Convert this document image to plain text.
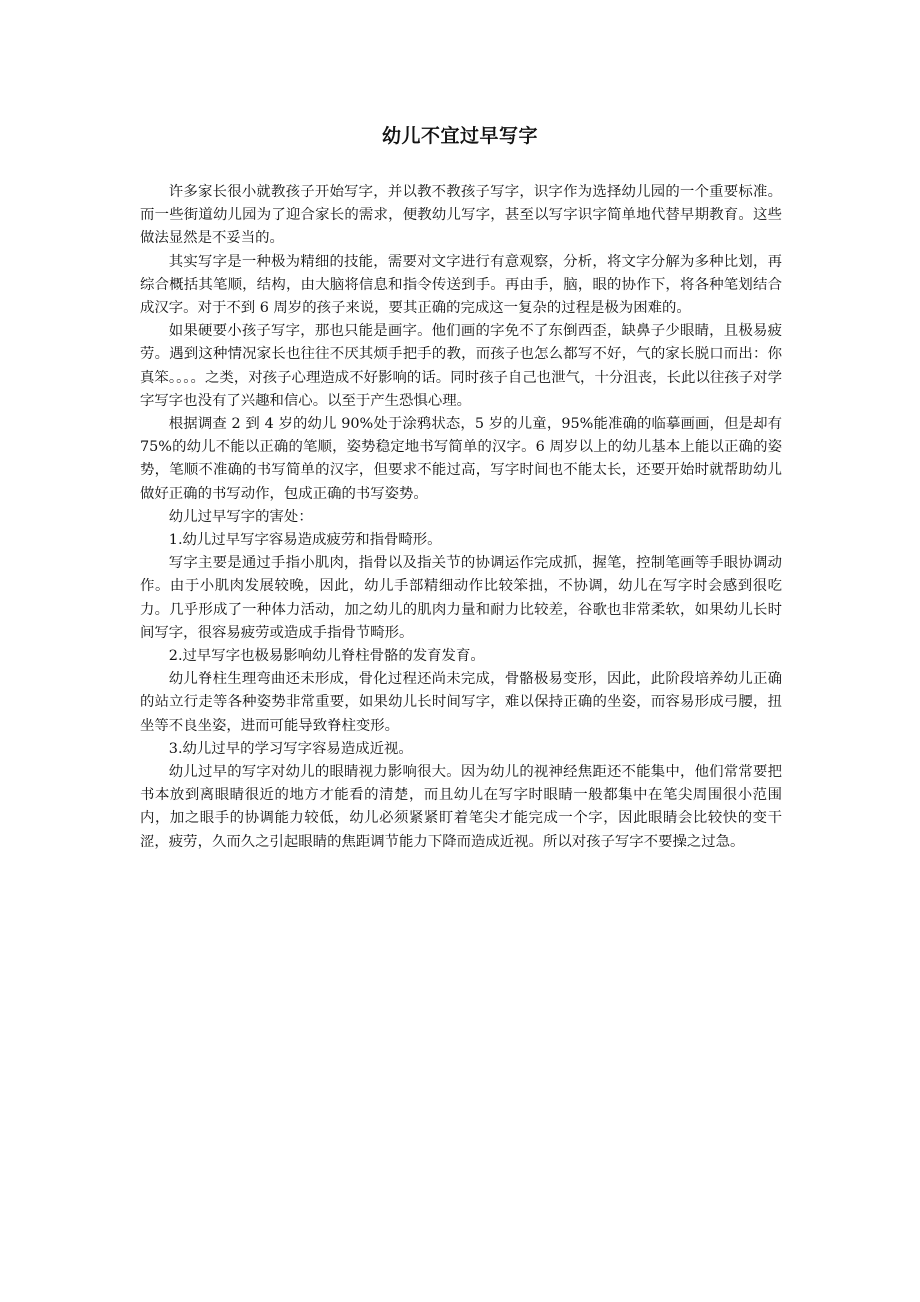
幼儿不宜过早写字

许多家长很小就教孩子开始写字，并以教不教孩子写字，识字作为选择幼儿园的一个重要标准。而一些街道幼儿园为了迎合家长的需求，便教幼儿写字，甚至以写字识字简单地代替早期教育。这些做法显然是不妥当的。

其实写字是一种极为精细的技能，需要对文字进行有意观察，分析，将文字分解为多种比划，再综合概括其笔顺，结构，由大脑将信息和指令传送到手。再由手，脑，眼的协作下，将各种笔划结合成汉字。对于不到 6 周岁的孩子来说，要其正确的完成这一复杂的过程是极为困难的。

如果硬要小孩子写字，那也只能是画字。他们画的字免不了东倒西歪，缺鼻子少眼睛，且极易疲劳。遇到这种情况家长也往往不厌其烦手把手的教，而孩子也怎么都写不好，气的家长脱口而出：你真笨。。。。之类，对孩子心理造成不好影响的话。同时孩子自己也泄气，十分沮丧，长此以往孩子对学字写字也没有了兴趣和信心。以至于产生恐惧心理。

根据调查 2 到 4 岁的幼儿 90%处于涂鸦状态，5 岁的儿童，95%能准确的临摹画画，但是却有 75%的幼儿不能以正确的笔顺，姿势稳定地书写简单的汉字。6 周岁以上的幼儿基本上能以正确的姿势，笔顺不准确的书写简单的汉字，但要求不能过高，写字时间也不能太长，还要开始时就帮助幼儿做好正确的书写动作，包成正确的书写姿势。

幼儿过早写字的害处：

1.幼儿过早写字容易造成疲劳和指骨畸形。

写字主要是通过手指小肌肉，指骨以及指关节的协调运作完成抓，握笔，控制笔画等手眼协调动作。由于小肌肉发展较晚，因此，幼儿手部精细动作比较笨拙，不协调，幼儿在写字时会感到很吃力。几乎形成了一种体力活动，加之幼儿的肌肉力量和耐力比较差，谷歌也非常柔软，如果幼儿长时间写字，很容易疲劳或造成手指骨节畸形。

2.过早写字也极易影响幼儿脊柱骨骼的发育发育。

幼儿脊柱生理弯曲还未形成，骨化过程还尚未完成，骨骼极易变形，因此，此阶段培养幼儿正确的站立行走等各种姿势非常重要，如果幼儿长时间写字，难以保持正确的坐姿，而容易形成弓腰，扭坐等不良坐姿，进而可能导致脊柱变形。

3.幼儿过早的学习写字容易造成近视。

幼儿过早的写字对幼儿的眼睛视力影响很大。因为幼儿的视神经焦距还不能集中，他们常常要把书本放到离眼睛很近的地方才能看的清楚，而且幼儿在写字时眼睛一般都集中在笔尖周围很小范围内，加之眼手的协调能力较低，幼儿必须紧紧盯着笔尖才能完成一个字，因此眼睛会比较快的变干涩，疲劳，久而久之引起眼睛的焦距调节能力下降而造成近视。所以对孩子写字不要操之过急。
